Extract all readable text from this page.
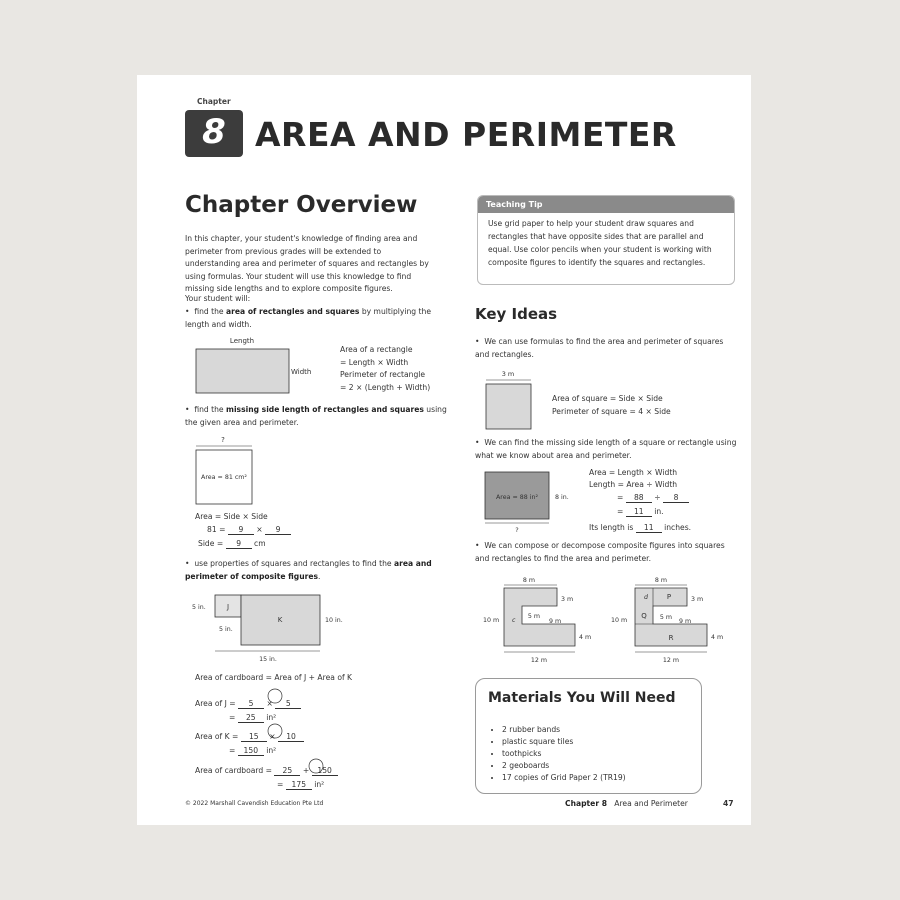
Chapter
8 AREA AND PERIMETER
Chapter Overview
In this chapter, your student's knowledge of finding area and perimeter from previous grades will be extended to understanding area and perimeter of squares and rectangles by using formulas. Your student will use this knowledge to find missing side lengths and to explore composite figures.
Your student will:
•  find the area of rectangles and squares by multiplying the length and width.
Length
Width
Area of a rectangle
= Length × Width
Perimeter of rectangle
= 2 × (Length + Width)
•  find the missing side length of rectangles and squares using the given area and perimeter.
?
Area = 81 cm²
Area = Side × Side
81 = 9 × 9
Side = 9 cm
•  use properties of squares and rectangles to find the area and perimeter of composite figures.
J
K
5 in.
5 in.
10 in.
15 in.
Area of cardboard = Area of J + Area of K
Area of J = 5 × 5
= 25 in²
Area of K = 15 × 10
= 150 in²
Area of cardboard = 25 + 150
= 175 in²
Teaching Tip
Use grid paper to help your student draw squares and rectangles that have opposite sides that are parallel and equal. Use color pencils when your student is working with composite figures to identify the squares and rectangles.
Key Ideas
•  We can use formulas to find the area and perimeter of squares and rectangles.
3 m
Area of square = Side × Side
Perimeter of square = 4 × Side
•  We can find the missing side length of a square or rectangle using what we know about area and perimeter.
Area = 88 in²	8 in.
?
Area = Length × Width
Length = Area ÷ Width
= 88 ÷ 8
= 11 in.
Its length is 11 inches.
•  We can compose or decompose composite figures into squares and rectangles to find the area and perimeter.
8 m
3 m
5 m
9 m
10 m c
4 m
12 m
8 m
d	P	3 m
Q 5 m
9 m
10 m
R	4 m
12 m
Materials You Will Need
• 2 rubber bands
• plastic square tiles
• toothpicks
• 2 geoboards
• 17 copies of Grid Paper 2 (TR19)
© 2022 Marshall Cavendish Education Pte Ltd	Chapter 8 Area and Perimeter	47
